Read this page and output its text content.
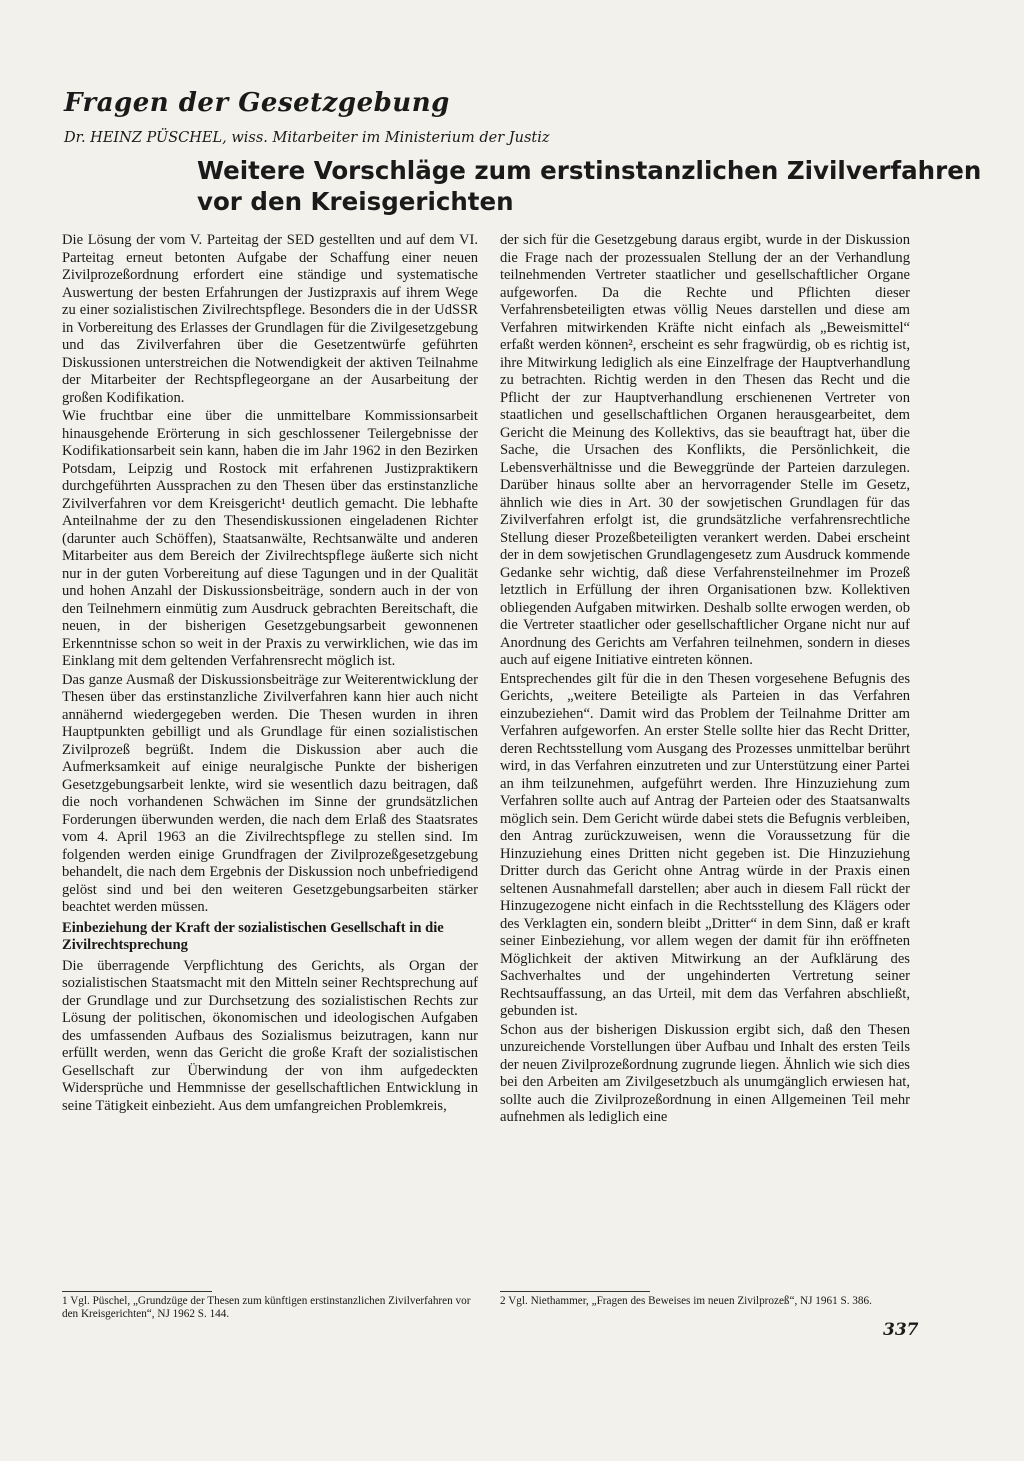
Fragen der Gesetzgebung
Dr. HEINZ PÜSCHEL, wiss. Mitarbeiter im Ministerium der Justiz
Weitere Vorschläge zum erstinstanzlichen Zivilverfahren
vor den Kreisgerichten

Die Lösung der vom V. Parteitag der SED gestellten und auf dem VI. Parteitag erneut betonten Aufgabe der Schaffung einer neuen Zivilprozeßordnung erfordert eine ständige und systematische Auswertung der besten Erfahrungen der Justizpraxis auf ihrem Wege zu einer sozialistischen Zivilrechtspflege. Besonders die in der UdSSR in Vorbereitung des Erlasses der Grundlagen für die Zivilgesetzgebung und das Zivilverfahren über die Gesetzentwürfe geführten Diskussionen unterstreichen die Notwendigkeit der aktiven Teilnahme der Mitarbeiter der Rechtspflegeorgane an der Ausarbeitung der großen Kodifikation.

Wie fruchtbar eine über die unmittelbare Kommissionsarbeit hinausgehende Erörterung in sich geschlossener Teilergebnisse der Kodifikationsarbeit sein kann, haben die im Jahr 1962 in den Bezirken Potsdam, Leipzig und Rostock mit erfahrenen Justizpraktikern durchgeführten Aussprachen zu den Thesen über das erstinstanzliche Zivilverfahren vor dem Kreisgericht¹ deutlich gemacht. Die lebhafte Anteilnahme der zu den Thesendiskussionen eingeladenen Richter (darunter auch Schöffen), Staatsanwälte, Rechtsanwälte und anderen Mitarbeiter aus dem Bereich der Zivilrechtspflege äußerte sich nicht nur in der guten Vorbereitung auf diese Tagungen und in der Qualität und hohen Anzahl der Diskussionsbeiträge, sondern auch in der von den Teilnehmern einmütig zum Ausdruck gebrachten Bereitschaft, die neuen, in der bisherigen Gesetzgebungsarbeit gewonnenen Erkenntnisse schon so weit in der Praxis zu verwirklichen, wie das im Einklang mit dem geltenden Verfahrensrecht möglich ist.

Das ganze Ausmaß der Diskussionsbeiträge zur Weiterentwicklung der Thesen über das erstinstanzliche Zivilverfahren kann hier auch nicht annähernd wiedergegeben werden. Die Thesen wurden in ihren Hauptpunkten gebilligt und als Grundlage für einen sozialistischen Zivilprozeß begrüßt. Indem die Diskussion aber auch die Aufmerksamkeit auf einige neuralgische Punkte der bisherigen Gesetzgebungsarbeit lenkte, wird sie wesentlich dazu beitragen, daß die noch vorhandenen Schwächen im Sinne der grundsätzlichen Forderungen überwunden werden, die nach dem Erlaß des Staatsrates vom 4. April 1963 an die Zivilrechtspflege zu stellen sind. Im folgenden werden einige Grundfragen der Zivilprozeßgesetzgebung behandelt, die nach dem Ergebnis der Diskussion noch unbefriedigend gelöst sind und bei den weiteren Gesetzgebungsarbeiten stärker beachtet werden müssen.

Einbeziehung der Kraft der sozialistischen Gesellschaft in die Zivilrechtsprechung

Die überragende Verpflichtung des Gerichts, als Organ der sozialistischen Staatsmacht mit den Mitteln seiner Rechtsprechung auf der Grundlage und zur Durchsetzung des sozialistischen Rechts zur Lösung der politischen, ökonomischen und ideologischen Aufgaben des umfassenden Aufbaus des Sozialismus beizutragen, kann nur erfüllt werden, wenn das Gericht die große Kraft der sozialistischen Gesellschaft zur Überwindung der von ihm aufgedeckten Widersprüche und Hemmnisse der gesellschaftlichen Entwicklung in seine Tätigkeit einbezieht. Aus dem umfangreichen Problemkreis,

der sich für die Gesetzgebung daraus ergibt, wurde in der Diskussion die Frage nach der prozessualen Stellung der an der Verhandlung teilnehmenden Vertreter staatlicher und gesellschaftlicher Organe aufgeworfen. Da die Rechte und Pflichten dieser Verfahrensbeteiligten etwas völlig Neues darstellen und diese am Verfahren mitwirkenden Kräfte nicht einfach als „Beweismittel“ erfaßt werden können², erscheint es sehr fragwürdig, ob es richtig ist, ihre Mitwirkung lediglich als eine Einzelfrage der Hauptverhandlung zu betrachten. Richtig werden in den Thesen das Recht und die Pflicht der zur Hauptverhandlung erschienenen Vertreter von staatlichen und gesellschaftlichen Organen herausgearbeitet, dem Gericht die Meinung des Kollektivs, das sie beauftragt hat, über die Sache, die Ursachen des Konflikts, die Persönlichkeit, die Lebensverhältnisse und die Beweggründe der Parteien darzulegen. Darüber hinaus sollte aber an hervorragender Stelle im Gesetz, ähnlich wie dies in Art. 30 der sowjetischen Grundlagen für das Zivilverfahren erfolgt ist, die grundsätzliche verfahrensrechtliche Stellung dieser Prozeßbeteiligten verankert werden. Dabei erscheint der in dem sowjetischen Grundlagengesetz zum Ausdruck kommende Gedanke sehr wichtig, daß diese Verfahrensteilnehmer im Prozeß letztlich in Erfüllung der ihren Organisationen bzw. Kollektiven obliegenden Aufgaben mitwirken. Deshalb sollte erwogen werden, ob die Vertreter staatlicher oder gesellschaftlicher Organe nicht nur auf Anordnung des Gerichts am Verfahren teilnehmen, sondern in dieses auch auf eigene Initiative eintreten können.

Entsprechendes gilt für die in den Thesen vorgesehene Befugnis des Gerichts, „weitere Beteiligte als Parteien in das Verfahren einzubeziehen“. Damit wird das Problem der Teilnahme Dritter am Verfahren aufgeworfen. An erster Stelle sollte hier das Recht Dritter, deren Rechtsstellung vom Ausgang des Prozesses unmittelbar berührt wird, in das Verfahren einzutreten und zur Unterstützung einer Partei an ihm teilzunehmen, aufgeführt werden. Ihre Hinzuziehung zum Verfahren sollte auch auf Antrag der Parteien oder des Staatsanwalts möglich sein. Dem Gericht würde dabei stets die Befugnis verbleiben, den Antrag zurückzuweisen, wenn die Voraussetzung für die Hinzuziehung eines Dritten nicht gegeben ist. Die Hinzuziehung Dritter durch das Gericht ohne Antrag würde in der Praxis einen seltenen Ausnahmefall darstellen; aber auch in diesem Fall rückt der Hinzugezogene nicht einfach in die Rechtsstellung des Klägers oder des Verklagten ein, sondern bleibt „Dritter“ in dem Sinn, daß er kraft seiner Einbeziehung, vor allem wegen der damit für ihn eröffneten Möglichkeit der aktiven Mitwirkung an der Aufklärung des Sachverhaltes und der ungehinderten Vertretung seiner Rechtsauffassung, an das Urteil, mit dem das Verfahren abschließt, gebunden ist.

Schon aus der bisherigen Diskussion ergibt sich, daß den Thesen unzureichende Vorstellungen über Aufbau und Inhalt des ersten Teils der neuen Zivilprozeßordnung zugrunde liegen. Ähnlich wie sich dies bei den Arbeiten am Zivilgesetzbuch als unumgänglich erwiesen hat, sollte auch die Zivilprozeßordnung in einen Allgemeinen Teil mehr aufnehmen als lediglich eine

1 Vgl. Püschel, „Grundzüge der Thesen zum künftigen erstinstanzlichen Zivilverfahren vor den Kreisgerichten“, NJ 1962 S. 144.
2 Vgl. Niethammer, „Fragen des Beweises im neuen Zivilprozeß“, NJ 1961 S. 386.
337
